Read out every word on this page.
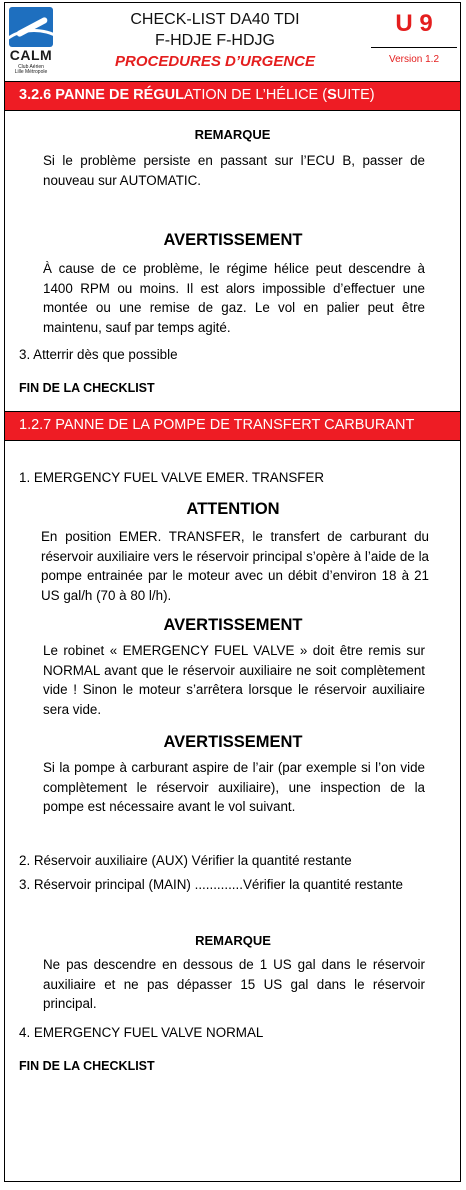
CALM
Club Aérien
Lille Métropole
CHECK-LIST DA40 TDI
F-HDJE F-HDJG
PROCEDURES D’URGENCE
U 9
Version 1.2
3.2.6 PANNE DE RÉGULATION DE L’HÉLICE (SUITE)
REMARQUE
Si le problème persiste en passant sur l’ECU B, passer de nouveau sur AUTOMATIC.
AVERTISSEMENT
À cause de ce problème, le régime hélice peut descendre à 1400 RPM ou moins. Il est alors impossible d’effectuer une montée ou une remise de gaz. Le vol en palier peut être maintenu, sauf par temps agité.
3. Atterrir dès que possible
FIN DE LA CHECKLIST
1.2.7 PANNE DE LA POMPE DE TRANSFERT CARBURANT
1. EMERGENCY FUEL VALVE EMER. TRANSFER
ATTENTION
En position EMER. TRANSFER, le transfert de carburant du réservoir auxiliaire vers le réservoir principal s’opère à l’aide de la pompe entrainée par le moteur avec un débit d’environ 18 à 21 US gal/h (70 à 80 l/h).
AVERTISSEMENT
Le robinet « EMERGENCY FUEL VALVE » doit être remis sur NORMAL avant que le réservoir auxiliaire ne soit complètement vide ! Sinon le moteur s’arrêtera lorsque le réservoir auxiliaire sera vide.
AVERTISSEMENT
Si la pompe à carburant aspire de l’air (par exemple si l’on vide complètement le réservoir auxiliaire), une inspection de la pompe est nécessaire avant le vol suivant.
2. Réservoir auxiliaire (AUX) Vérifier la quantité restante
3. Réservoir principal (MAIN) .............Vérifier la quantité restante
REMARQUE
Ne pas descendre en dessous de 1 US gal dans le réservoir auxiliaire et ne pas dépasser 15 US gal dans le réservoir principal.
4. EMERGENCY FUEL VALVE NORMAL
FIN DE LA CHECKLIST
